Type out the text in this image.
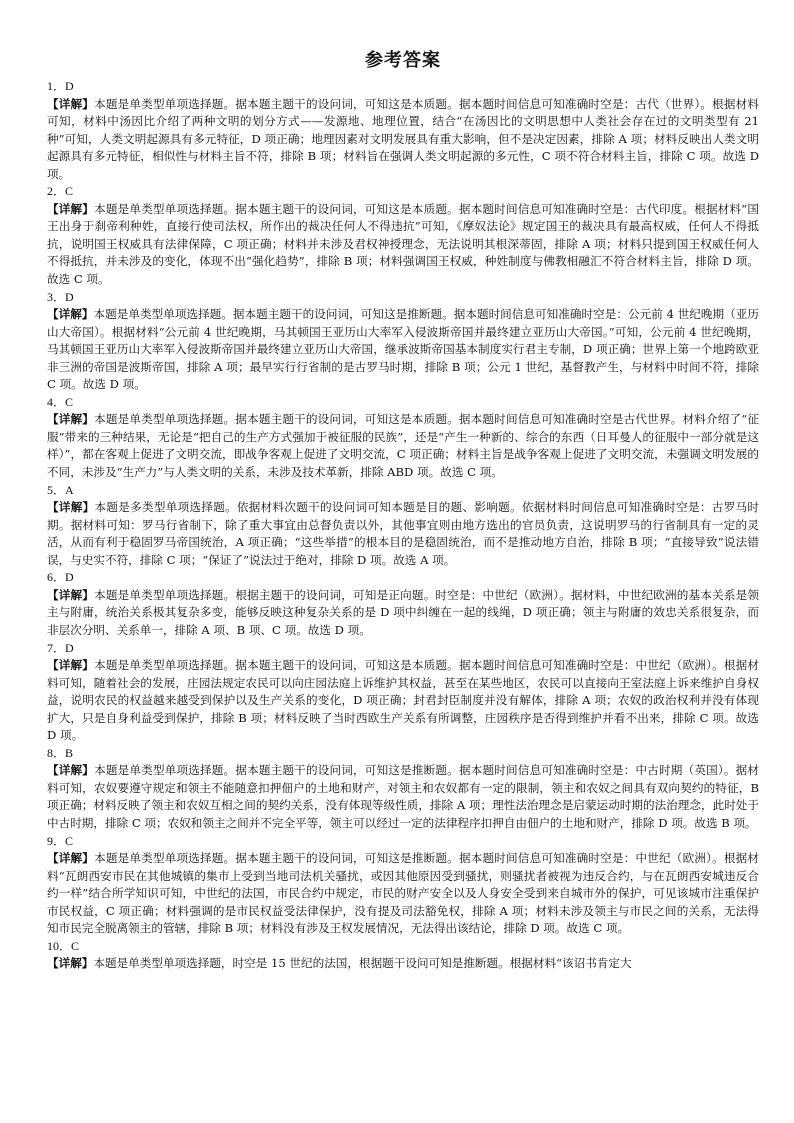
参考答案
1．D
【详解】本题是单类型单项选择题。据本题主题干的设问词，可知这是本质题。据本题时间信息可知准确时空是：古代（世界）。根据材料可知，材料中汤因比介绍了两种文明的划分方式——发源地、地理位置，结合“在汤因比的文明思想中人类社会存在过的文明类型有 21 种”可知，人类文明起源具有多元特征，D 项正确；地理因素对文明发展具有重大影响，但不是决定因素，排除 A 项；材料反映出人类文明起源具有多元特征，相似性与材料主旨不符，排除 B 项；材料旨在强调人类文明起源的多元性，C 项不符合材料主旨，排除 C 项。故选 D 项。
2．C
【详解】本题是单类型单项选择题。据本题主题干的设问词，可知这是本质题。据本题时间信息可知准确时空是：古代印度。根据材料“国王出身于刹帝利种姓，直接行使司法权，所作出的裁决任何人不得违抗”可知，《摩奴法论》规定国王的裁决具有最高权威，任何人不得抵抗，说明国王权威具有法律保障，C 项正确；材料并未涉及君权神授理念，无法说明其根深蒂固，排除 A 项；材料只提到国王权威任何人不得抵抗，并未涉及的变化，体现不出“强化趋势”，排除 B 项；材料强调国王权威，种姓制度与佛教相融汇不符合材料主旨，排除 D 项。故选 C 项。
3．D
【详解】本题是单类型单项选择题。据本题主题干的设问词，可知这是推断题。据本题时间信息可知准确时空是：公元前 4 世纪晚期（亚历山大帝国）。根据材料“公元前 4 世纪晚期，马其顿国王亚历山大率军入侵波斯帝国并最终建立亚历山大帝国。”可知，公元前 4 世纪晚期，马其顿国王亚历山大率军入侵波斯帝国并最终建立亚历山大帝国，继承波斯帝国基本制度实行君主专制，D 项正确；世界上第一个地跨欧亚非三洲的帝国是波斯帝国，排除 A 项；最早实行行省制的是古罗马时期，排除 B 项；公元 1 世纪，基督教产生，与材料中时间不符，排除 C 项。故选 D 项。
4．C
【详解】本题是单类型单项选择题。据本题主题干的设问词，可知这是本质题。据本题时间信息可知准确时空是古代世界。材料介绍了“征服”带来的三种结果，无论是“把自己的生产方式强加于被征服的民族”，还是“产生一种新的、综合的东西（日耳曼人的征服中一部分就是这样）”，都在客观上促进了文明交流，即战争客观上促进了文明交流，C 项正确；材料主旨是战争客观上促进了文明交流，未强调文明发展的不同，未涉及“生产力”与人类文明的关系，未涉及技术革新，排除 ABD 项。故选 C 项。
5．A
【详解】本题是多类型单项选择题。依据材料次题干的设问词可知本题是目的题、影响题。依据材料时间信息可知准确时空是：古罗马时期。据材料可知：罗马行省制下，除了重大事宜由总督负责以外，其他事宜则由地方选出的官员负责，这说明罗马的行省制具有一定的灵活，从而有利于稳固罗马帝国统治，A 项正确；“这些举措”的根本目的是稳固统治，而不是推动地方自治，排除 B 项；“直接导致”说法错误，与史实不符，排除 C 项；“保证了”说法过于绝对，排除 D 项。故选 A 项。
6．D
【详解】本题是单类型单项选择题。根据主题干的设问词，可知是正向题。时空是：中世纪（欧洲）。据材料，中世纪欧洲的基本关系是领主与附庸，统治关系极其复杂多变，能够反映这种复杂关系的是 D 项中纠缠在一起的线绳，D 项正确；领主与附庸的效忠关系很复杂，而非层次分明、关系单一，排除 A 项、B 项、C 项。故选 D 项。
7．D
【详解】本题是单类型单项选择题。据本题主题干的设问词，可知这是本质题。据本题时间信息可知准确时空是：中世纪（欧洲）。根据材料可知，随着社会的发展，庄园法规定农民可以向庄园法庭上诉维护其权益，甚至在某些地区，农民可以直接向王室法庭上诉来维护自身权益，说明农民的权益越来越受到保护以及生产关系的变化，D 项正确；封君封臣制度并没有解体，排除 A 项；农奴的政治权利并没有体现扩大，只是自身利益受到保护，排除 B 项；材料反映了当时西欧生产关系有所调整，庄园秩序是否得到维护并看不出来，排除 C 项。故选 D 项。
8．B
【详解】本题是单类型单项选择题。据本题主题干的设问词，可知这是推断题。据本题时间信息可知准确时空是：中古时期（英国）。据材料可知，农奴要遵守规定和领主不能随意扣押佃户的土地和财产，对领主和农奴都有一定的限制，领主和农奴之间具有双向契约的特征，B 项正确；材料反映了领主和农奴互相之间的契约关系，没有体现等级性质，排除 A 项；理性法治理念是启蒙运动时期的法治理念，此时处于中古时期，排除 C 项；农奴和领主之间并不完全平等，领主可以经过一定的法律程序扣押自由佃户的土地和财产，排除 D 项。故选 B 项。
9．C
【详解】本题是单类型单项选择题。据本题主题干的设问词，可知这是推断题。据本题时间信息可知准确时空是：中世纪（欧洲）。根据材料“瓦朗西安市民在其他城镇的集市上受到当地司法机关骚扰，或因其他原因受到骚扰，则骚扰者被视为违反合约，与在瓦朗西安城违反合约一样”结合所学知识可知，中世纪的法国，市民合约中规定，市民的财产安全以及人身安全受到来自城市外的保护，可见该城市注重保护市民权益，C 项正确；材料强调的是市民权益受法律保护，没有提及司法豁免权，排除 A 项；材料未涉及领主与市民之间的关系，无法得知市民完全脱离领主的管辖，排除 B 项；材料没有涉及王权发展情况，无法得出该结论，排除 D 项。故选 C 项。
10．C
【详解】本题是单类型单项选择题，时空是 15 世纪的法国，根据题干设问可知是推断题。根据材料“该诏书肯定大
